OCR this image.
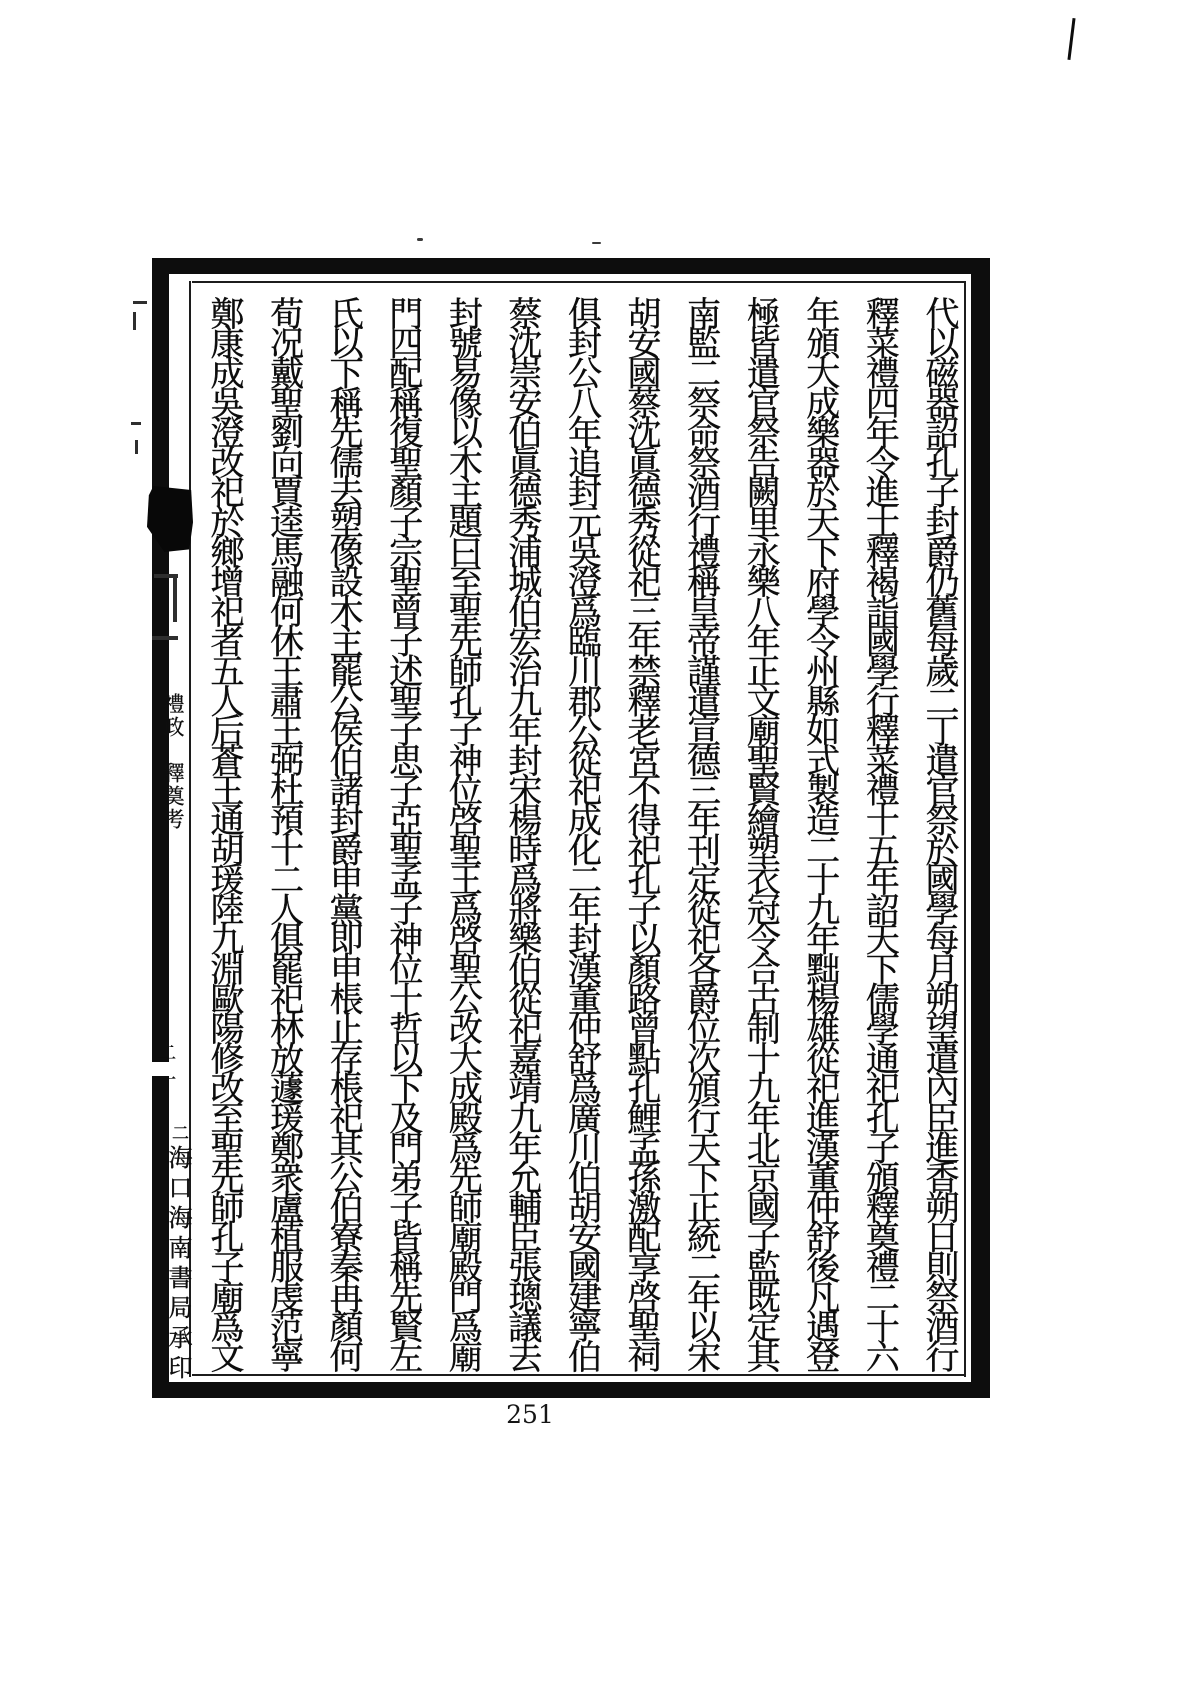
禮政
釋奠考
二一
二海口海南書局承印	代以磁器詔孔子封爵仍舊每歲二丁遣官祭於國學每月朔望遣內臣進香朔日則祭酒行
釋菜禮四年令進士釋褐詣國學行釋菜禮十五年詔天下儒學通祀孔子頒釋奠禮二十六
年頒大成樂器於天下府學令州縣如式製造二十九年黜楊雄從祀進漢董仲舒後凡遇登
極皆遣官祭告闕里永樂八年正文廟聖賢繪塑衣冠令合古制十九年北京國子監既定其
南監二祭命祭酒行禮稱皇帝謹遣宣德三年刊定從祀各爵位次頒行天下正統二年以宋
胡安國蔡沈眞德秀從祀三年禁釋老宮不得祀孔子以顏路曾點孔鯉孟孫激配享啓聖祠
俱封公八年追封元吳澄爲臨川郡公從祀成化二年封漢董仲舒爲廣川伯胡安國建寧伯
蔡沈崇安伯眞德秀浦城伯宏治九年封宋楊時爲將樂伯從祀嘉靖九年允輔臣張璁議去
封號易像以木主題曰至聖先師孔子神位啓聖王爲啓聖公改大成殿爲先師廟殿門爲廟
門四配稱復聖顏子宗聖曾子述聖子思子亞聖孟子神位十哲以下及門弟子皆稱先賢左
氏以下稱先儒去塑像設木主罷公侯伯諸封爵申黨即申棖止存棖祀其公伯寮秦冉顏何
荀况戴聖劉向賈逵馬融何休王肅王弼杜預十二人俱罷祀林放蘧瑗鄭衆盧植服虔范寧
鄭康成吳澄改祀於鄉增祀者五人后蒼王通胡瑗陸九淵歐陽修改至聖先師孔子廟爲文
251
